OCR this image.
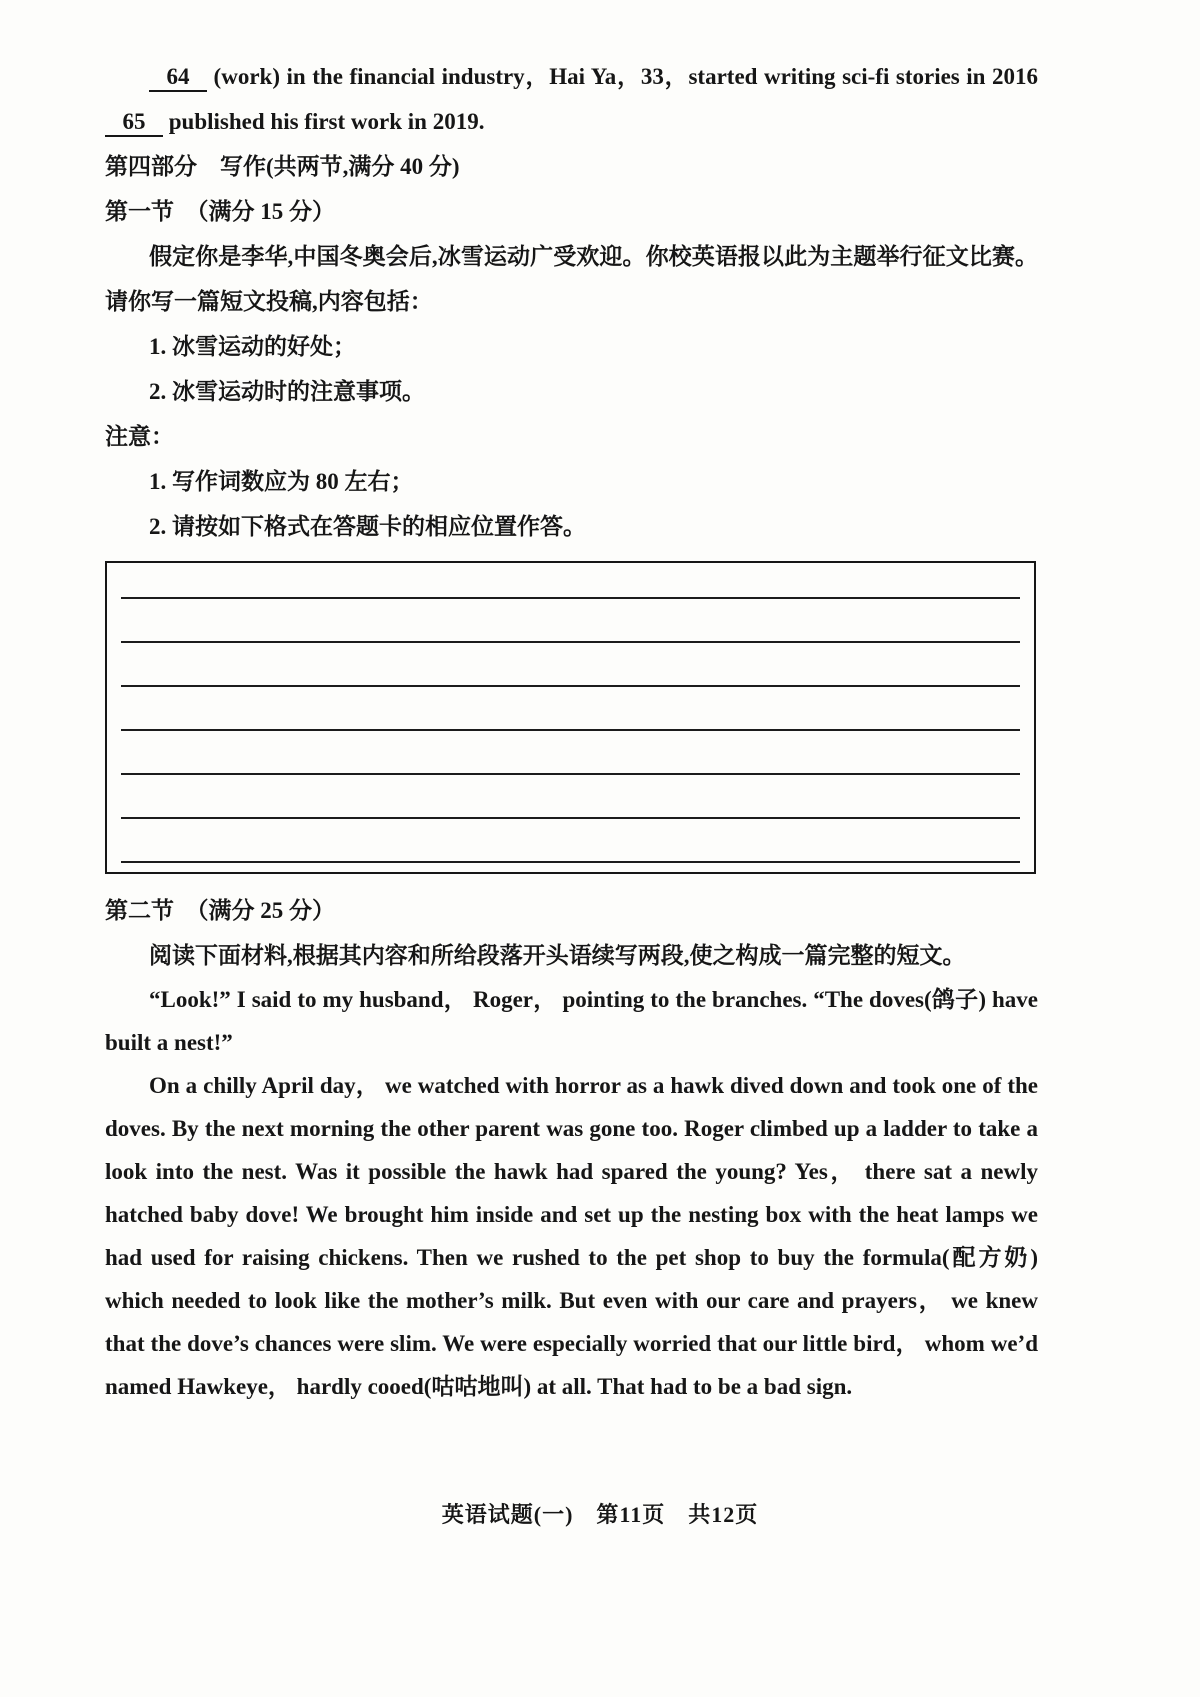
64 (work) in the financial industry，Hai Ya，33，started writing sci-fi stories in 2016 65 published his first work in 2019.

第四部分　写作(共两节,满分 40 分)
第一节　（满分 15 分）

假定你是李华,中国冬奥会后,冰雪运动广受欢迎。你校英语报以此为主题举行征文比赛。请你写一篇短文投稿,内容包括：

1. 冰雪运动的好处；

2. 冰雪运动时的注意事项。

注意：

1. 写作词数应为 80 左右；

2. 请按如下格式在答题卡的相应位置作答。

第二节　（满分 25 分）

阅读下面材料,根据其内容和所给段落开头语续写两段,使之构成一篇完整的短文。

“Look!” I said to my husband， Roger， pointing to the branches. “The doves(鸽子) have built a nest!”

On a chilly April day， we watched with horror as a hawk dived down and took one of the doves. By the next morning the other parent was gone too. Roger climbed up a ladder to take a look into the nest. Was it possible the hawk had spared the young? Yes， there sat a newly hatched baby dove! We brought him inside and set up the nesting box with the heat lamps we had used for raising chickens. Then we rushed to the pet shop to buy the formula(配方奶) which needed to look like the mother’s milk. But even with our care and prayers， we knew that the dove’s chances were slim. We were especially worried that our little bird， whom we’d named Hawkeye， hardly cooed(咕咕地叫) at all. That had to be a bad sign.

英语试题(一)　第11页　共12页
